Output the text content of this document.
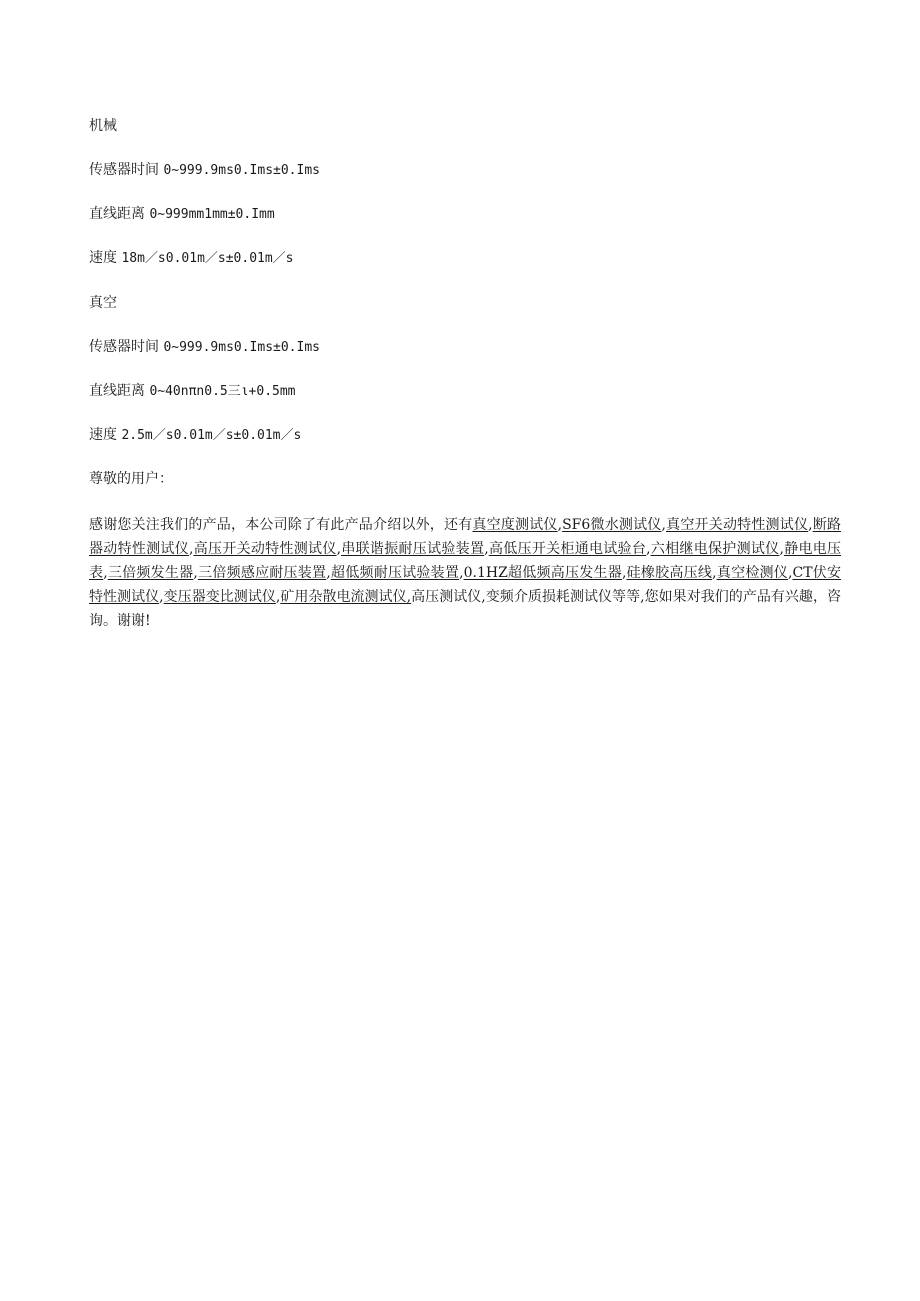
机械
传感器时间 0~999.9ms0.Ims±0.Ims
直线距离 0~999mm1mm±0.Imm
速度 18m／s0.01m／s±0.01m／s
真空
传感器时间 0~999.9ms0.Ims±0.Ims
直线距离 0~40nπn0.5三ι+0.5mm
速度 2.5m／s0.01m／s±0.01m／s
尊敬的用户：
感谢您关注我们的产品，本公司除了有此产品介绍以外，还有真空度测试仪,SF6微水测试仪,真空开关动特性测试仪,断路器动特性测试仪,高压开关动特性测试仪,串联谐振耐压试验装置,高低压开关柜通电试验台,六相继电保护测试仪,静电电压表,三倍频发生器,三倍频感应耐压装置,超低频耐压试验装置,0.1HZ超低频高压发生器,硅橡胶高压线,真空检测仪,CT伏安特性测试仪,变压器变比测试仪,矿用杂散电流测试仪,高压测试仪,变频介质损耗测试仪等等,您如果对我们的产品有兴趣，咨询。谢谢!
